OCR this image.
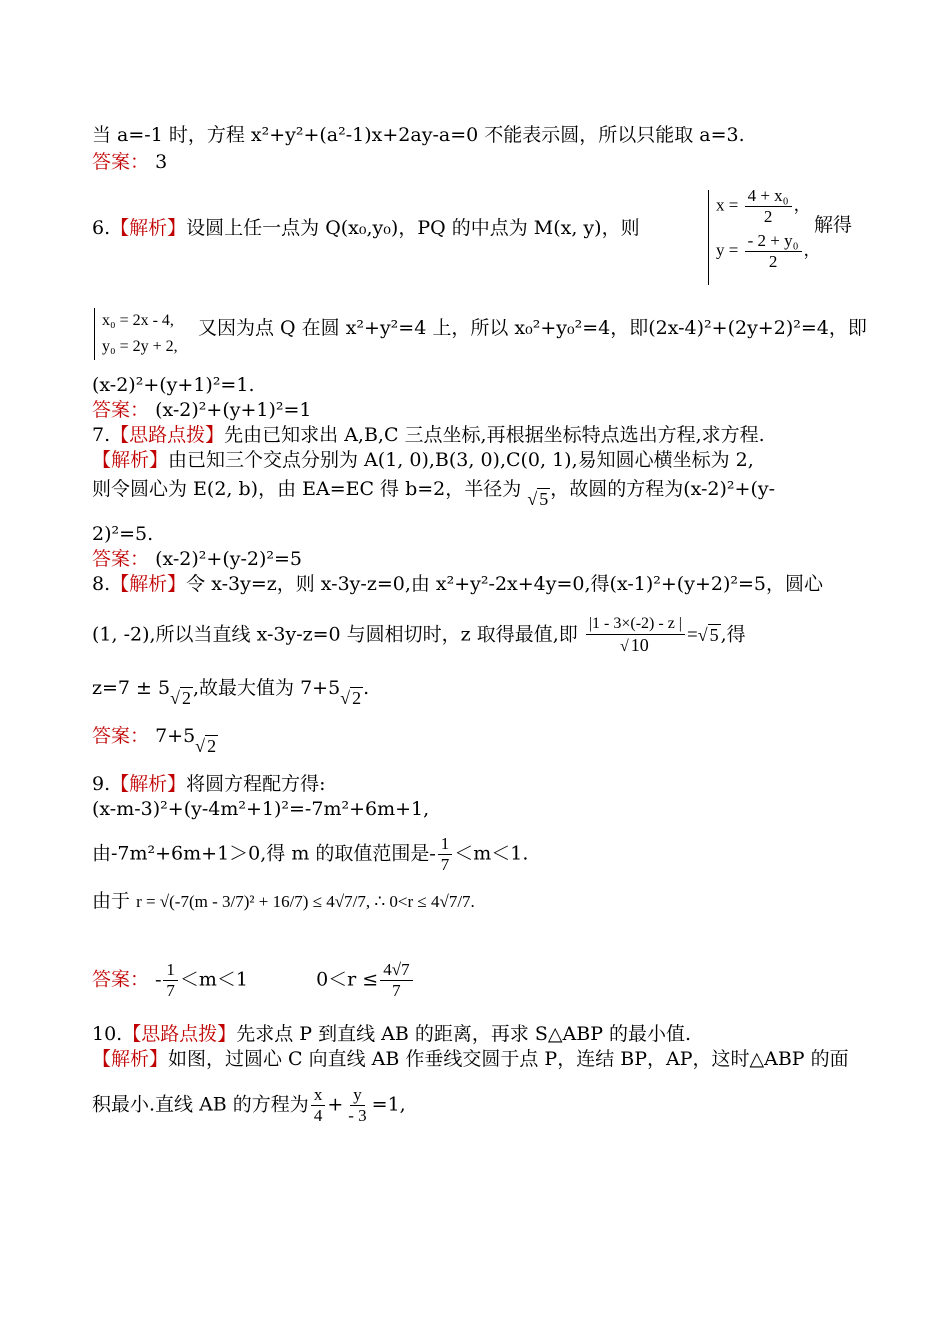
当 a=-1 时，方程 x²+y²+(a²-1)x+2ay-a=0 不能表示圆，所以只能取 a=3.
答案： 3
6.【解析】设圆上任一点为 Q(x₀,y₀)，PQ 的中点为 M(x, y)，则
$x = \frac{\text{4 + x₀}}{2}$ ，
$y = \frac{\text{- 2 + y₀}}{2}$ ，
解得
x₀ = 2x - 4,
y₀ = 2y + 2,
又因为点 Q 在圆 x²+y²=4 上，所以 x₀²+y₀²=4，即(2x-4)²+(2y+2)²=4，即
(x-2)²+(y+1)²=1.
答案： (x-2)²+(y+1)²=1
7.【思路点拨】先由已知求出 A,B,C 三点坐标,再根据坐标特点选出方程,求方程.
【解析】由已知三个交点分别为 A(1, 0),B(3, 0),C(0, 1),易知圆心横坐标为 2,
则令圆心为 E(2, b)，由 EA=EC 得 b=2，半径为 √ 5 ，故圆的方程为(x-2)²+(y-
2)²=5.
答案： (x-2)²+(y-2)²=5
8.【解析】令 x-3y=z，则 x-3y-z=0,由 x²+y²-2x+4y=0,得(x-1)²+(y+2)²=5，圆心
(1, -2),所以当直线 x-3y-z=0 与圆相切时，z 取得最值,即 $\frac{|1 - 3\times(-2) - z |}{√ 10}$ =√ 5 ,得
z=7 ± 5√ 2 ,故最大值为 7+5√ 2 .
答案： 7+5√ 2
9.【解析】将圆方程配方得:
(x-m-3)²+(y-4m²+1)²=-7m²+6m+1,
由-7m²+6m+1＞0,得 m 的取值范围是- $\frac{1}{7} <m<1$.
由于 r = √(-7(m - 3/7)² + 16/7) ≤ 4√7/7, ∴ 0<r ≤ 4√7/7.
答案： - $\frac{1}{7} <m<1$	$0<r \le \frac{4√7}{7}$
10.【思路点拨】先求点 P 到直线 AB 的距离，再求 S△ABP 的最小值.
【解析】如图，过圆心 C 向直线 AB 作垂线交圆于点 P，连结 BP，AP，这时△ABP 的面
积最小.直线 AB 的方程为 $\frac{x}{4} + \frac{y}{- 3} =1$,
